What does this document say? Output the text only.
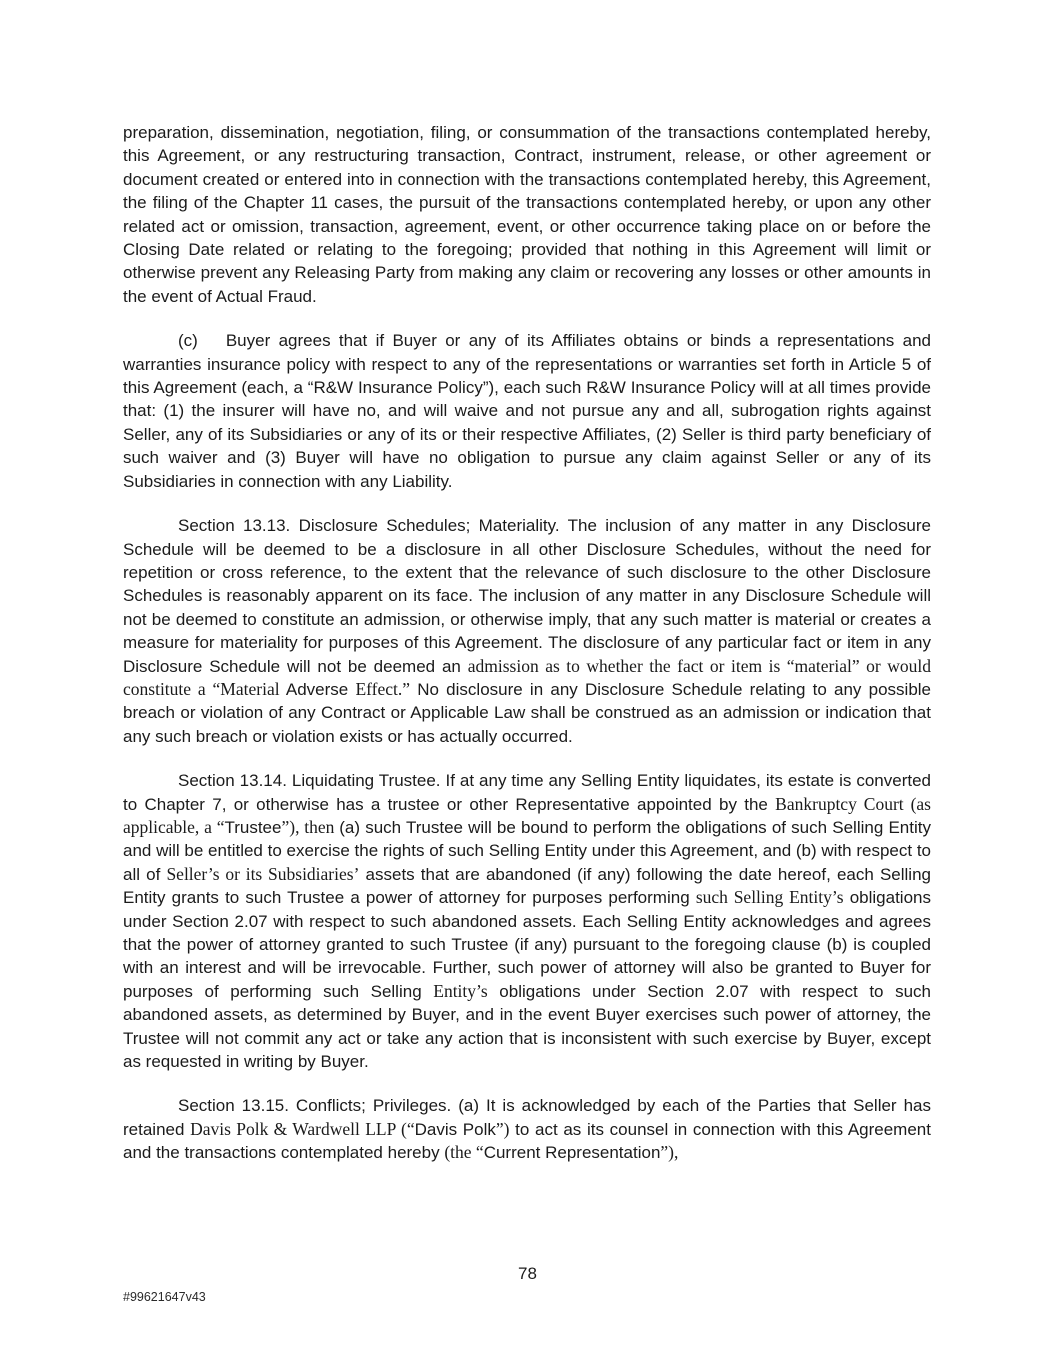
preparation, dissemination, negotiation, filing, or consummation of the transactions contemplated hereby, this Agreement, or any restructuring transaction, Contract, instrument, release, or other agreement or document created or entered into in connection with the transactions contemplated hereby, this Agreement, the filing of the Chapter 11 cases, the pursuit of the transactions contemplated hereby, or upon any other related act or omission, transaction, agreement, event, or other occurrence taking place on or before the Closing Date related or relating to the foregoing; provided that nothing in this Agreement will limit or otherwise prevent any Releasing Party from making any claim or recovering any losses or other amounts in the event of Actual Fraud.

(c) Buyer agrees that if Buyer or any of its Affiliates obtains or binds a representations and warranties insurance policy with respect to any of the representations or warranties set forth in Article 5 of this Agreement (each, a “R&W Insurance Policy”), each such R&W Insurance Policy will at all times provide that: (1) the insurer will have no, and will waive and not pursue any and all, subrogation rights against Seller, any of its Subsidiaries or any of its or their respective Affiliates, (2) Seller is third party beneficiary of such waiver and (3) Buyer will have no obligation to pursue any claim against Seller or any of its Subsidiaries in connection with any Liability.

Section 13.13. Disclosure Schedules; Materiality. The inclusion of any matter in any Disclosure Schedule will be deemed to be a disclosure in all other Disclosure Schedules, without the need for repetition or cross reference, to the extent that the relevance of such disclosure to the other Disclosure Schedules is reasonably apparent on its face. The inclusion of any matter in any Disclosure Schedule will not be deemed to constitute an admission, or otherwise imply, that any such matter is material or creates a measure for materiality for purposes of this Agreement. The disclosure of any particular fact or item in any Disclosure Schedule will not be deemed an admission as to whether the fact or item is “material” or would constitute a “Material Adverse Effect.” No disclosure in any Disclosure Schedule relating to any possible breach or violation of any Contract or Applicable Law shall be construed as an admission or indication that any such breach or violation exists or has actually occurred.

Section 13.14. Liquidating Trustee. If at any time any Selling Entity liquidates, its estate is converted to Chapter 7, or otherwise has a trustee or other Representative appointed by the Bankruptcy Court (as applicable, a “Trustee”), then (a) such Trustee will be bound to perform the obligations of such Selling Entity and will be entitled to exercise the rights of such Selling Entity under this Agreement, and (b) with respect to all of Seller’s or its Subsidiaries’ assets that are abandoned (if any) following the date hereof, each Selling Entity grants to such Trustee a power of attorney for purposes performing such Selling Entity’s obligations under Section 2.07 with respect to such abandoned assets. Each Selling Entity acknowledges and agrees that the power of attorney granted to such Trustee (if any) pursuant to the foregoing clause (b) is coupled with an interest and will be irrevocable. Further, such power of attorney will also be granted to Buyer for purposes of performing such Selling Entity’s obligations under Section 2.07 with respect to such abandoned assets, as determined by Buyer, and in the event Buyer exercises such power of attorney, the Trustee will not commit any act or take any action that is inconsistent with such exercise by Buyer, except as requested in writing by Buyer.

Section 13.15. Conflicts; Privileges. (a) It is acknowledged by each of the Parties that Seller has retained Davis Polk & Wardwell LLP (“Davis Polk”) to act as its counsel in connection with this Agreement and the transactions contemplated hereby (the “Current Representation”),

78
#99621647v43
